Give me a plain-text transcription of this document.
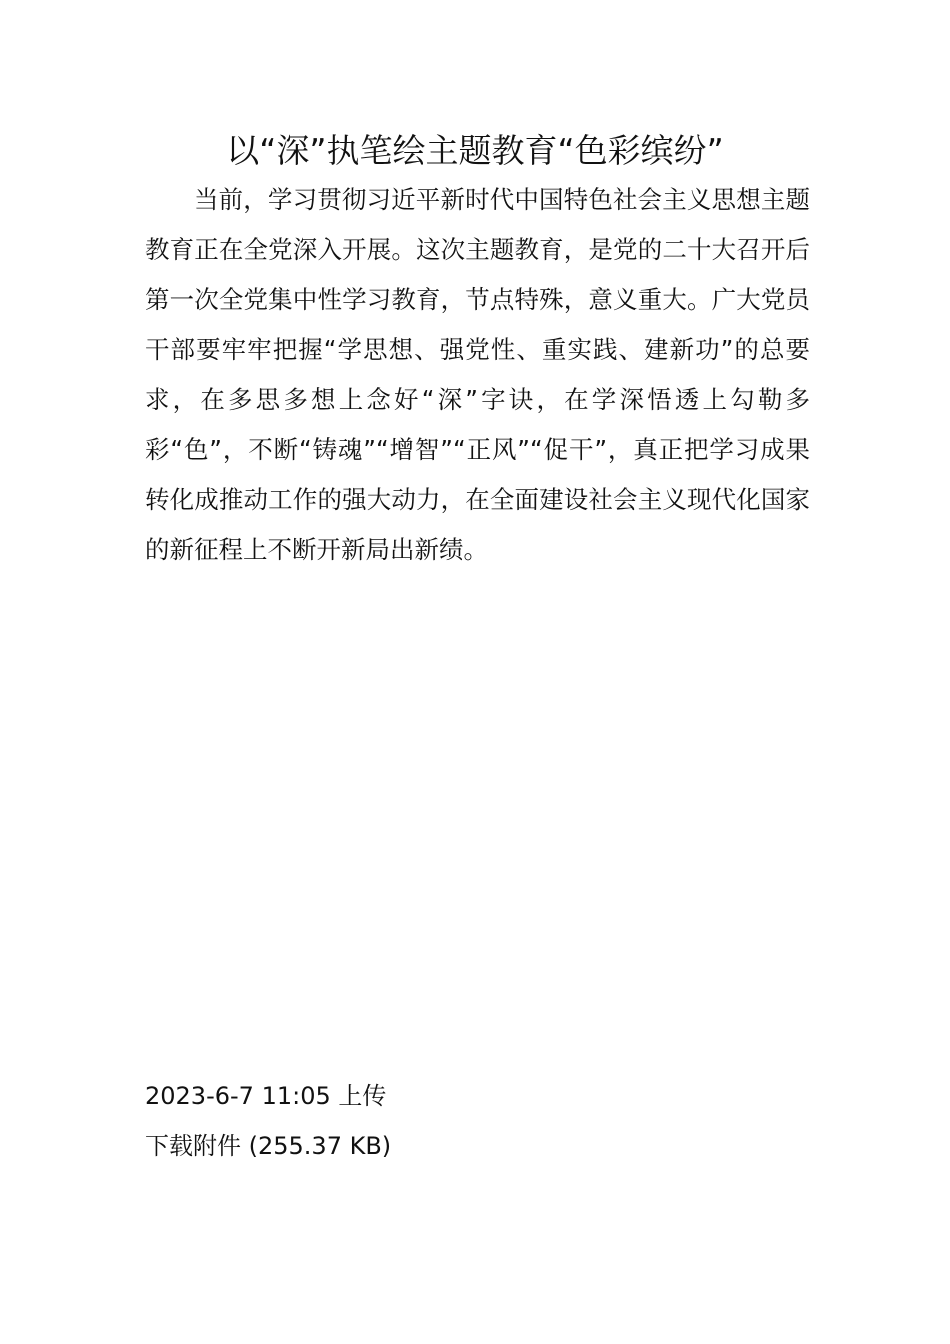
以“深”执笔绘主题教育“色彩缤纷”

当前，学习贯彻习近平新时代中国特色社会主义思想主题教育正在全党深入开展。这次主题教育，是党的二十大召开后第一次全党集中性学习教育，节点特殊，意义重大。广大党员干部要牢牢把握“学思想、强党性、重实践、建新功”的总要求，在多思多想上念好“深”字诀，在学深悟透上勾勒多彩“色”，不断“铸魂”“增智”“正风”“促干”，真正把学习成果转化成推动工作的强大动力，在全面建设社会主义现代化国家的新征程上不断开新局出新绩。

2023-6-7 11:05 上传
下载附件 (255.37 KB)
